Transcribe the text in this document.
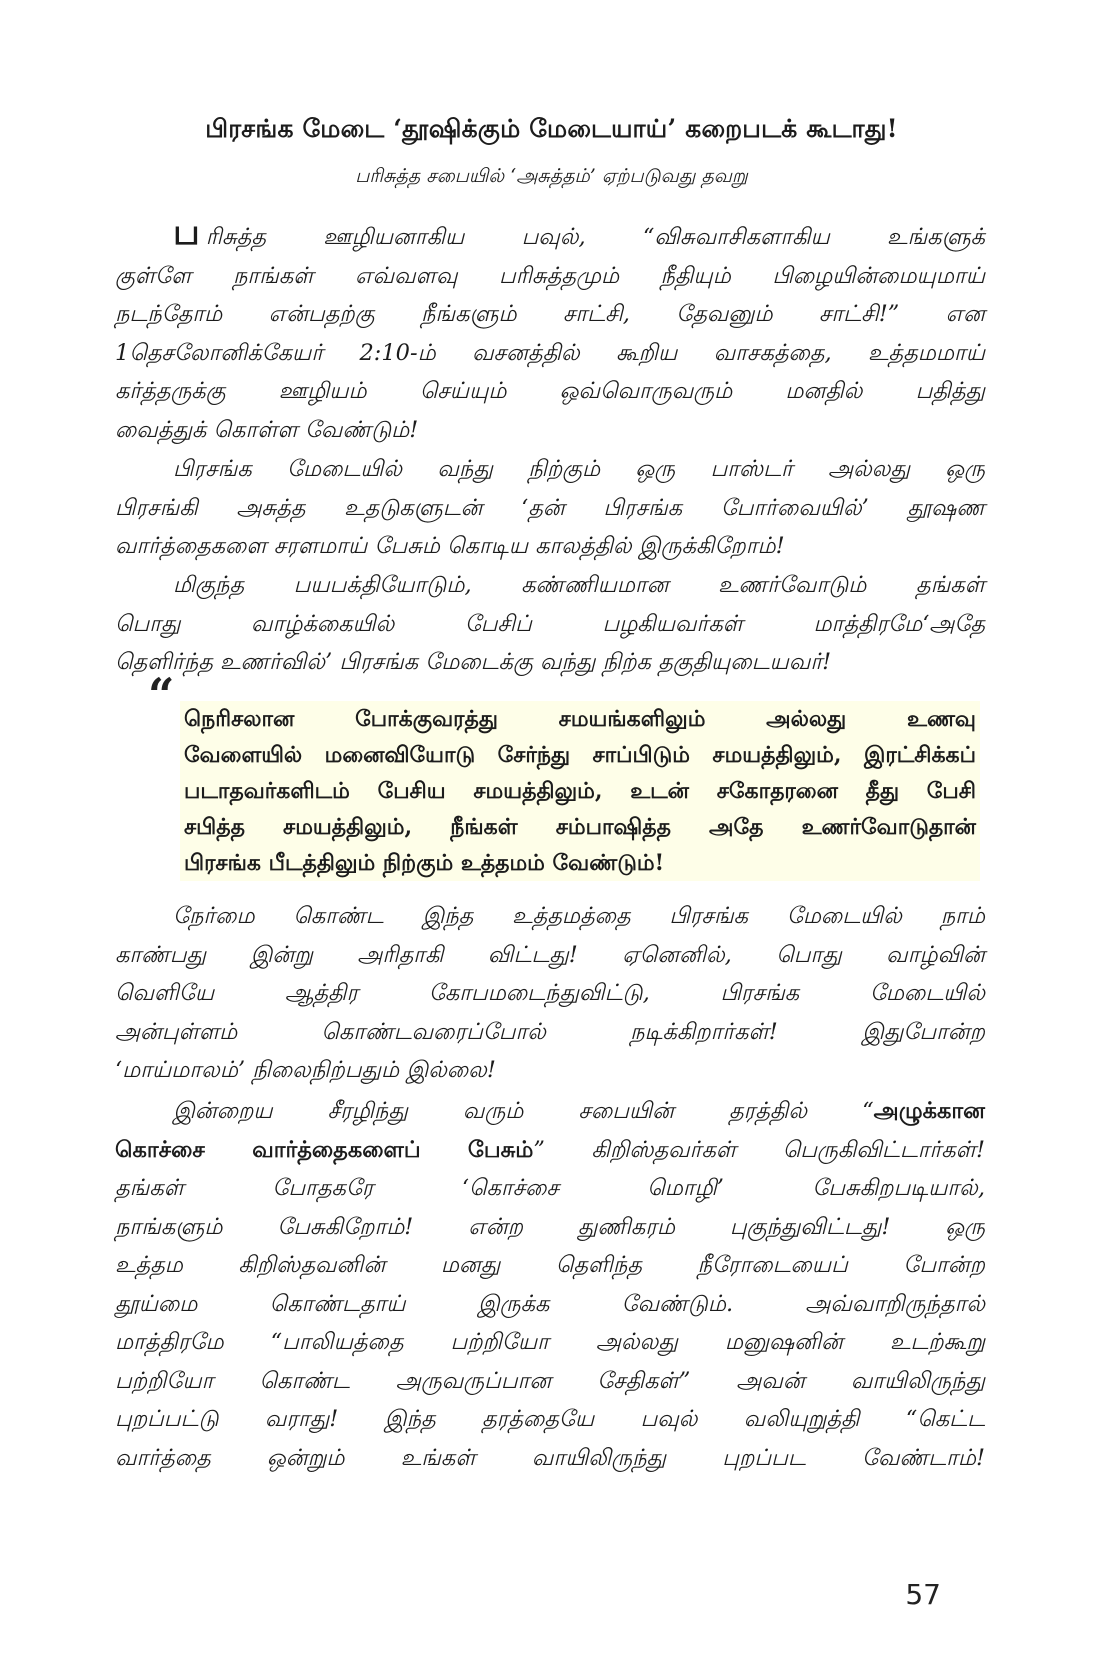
பிரசங்க மேடை ‘தூஷிக்கும் மேடையாய்’ கறைபடக் கூடாது!
பரிசுத்த சபையில் ‘அசுத்தம்’ ஏற்படுவது தவறு
பரிசுத்த ஊழியனாகிய பவுல், “விசுவாசிகளாகிய உங்களுக்
குள்ளே நாங்கள் எவ்வளவு பரிசுத்தமும் நீதியும் பிழையின்மையுமாய்
நடந்தோம் என்பதற்கு நீங்களும் சாட்சி, தேவனும் சாட்சி!” என
1தெசலோனிக்கேயர் 2:10-ம் வசனத்தில் கூறிய வாசகத்தை, உத்தமமாய்
கர்த்தருக்கு ஊழியம் செய்யும் ஒவ்வொருவரும் மனதில் பதித்து
வைத்துக் கொள்ள வேண்டும்!
பிரசங்க மேடையில் வந்து நிற்கும் ஒரு பாஸ்டர் அல்லது ஒரு
பிரசங்கி அசுத்த உதடுகளுடன் ‘தன் பிரசங்க போர்வையில்’ தூஷண
வார்த்தைகளை சரளமாய் பேசும் கொடிய காலத்தில் இருக்கிறோம்!
மிகுந்த பயபக்தியோடும், கண்ணியமான உணர்வோடும் தங்கள்
பொது வாழ்க்கையில் பேசிப் பழகியவர்கள் மாத்திரமே‘அதே
தெளிர்ந்த உணர்வில்’ பிரசங்க மேடைக்கு வந்து நிற்க தகுதியுடையவர்!
“ நெரிசலான போக்குவரத்து சமயங்களிலும் அல்லது உணவு
வேளையில் மனைவியோடு சேர்ந்து சாப்பிடும் சமயத்திலும், இரட்சிக்கப்
படாதவர்களிடம் பேசிய சமயத்திலும், உடன் சகோதரனை தீது பேசி
சபித்த சமயத்திலும், நீங்கள் சம்பாஷித்த அதே உணர்வோடுதான்
பிரசங்க பீடத்திலும் நிற்கும் உத்தமம் வேண்டும்!
நேர்மை கொண்ட இந்த உத்தமத்தை பிரசங்க மேடையில் நாம்
காண்பது இன்று அரிதாகி விட்டது! ஏனெனில், பொது வாழ்வின்
வெளியே ஆத்திர கோபமடைந்துவிட்டு, பிரசங்க மேடையில்
அன்புள்ளம் கொண்டவரைப்போல் நடிக்கிறார்கள்! இதுபோன்ற
‘மாய்மாலம்’ நிலைநிற்பதும் இல்லை!
இன்றைய சீரழிந்து வரும் சபையின் தரத்தில் “அழுக்கான
கொச்சை வார்த்தைகளைப் பேசும்” கிறிஸ்தவர்கள் பெருகிவிட்டார்கள்!
தங்கள் போதகரே ‘கொச்சை மொழி’ பேசுகிறபடியால்,
நாங்களும் பேசுகிறோம்! என்ற துணிகரம் புகுந்துவிட்டது! ஒரு
உத்தம கிறிஸ்தவனின் மனது தெளிந்த நீரோடையைப் போன்ற
தூய்மை கொண்டதாய் இருக்க வேண்டும். அவ்வாறிருந்தால்
மாத்திரமே “பாலியத்தை பற்றியோ அல்லது மனுஷனின் உடற்கூறு
பற்றியோ கொண்ட அருவருப்பான சேதிகள்” அவன் வாயிலிருந்து
புறப்பட்டு வராது! இந்த தரத்தையே பவுல் வலியுறுத்தி “கெட்ட
வார்த்தை ஒன்றும் உங்கள் வாயிலிருந்து புறப்பட வேண்டாம்!
57
